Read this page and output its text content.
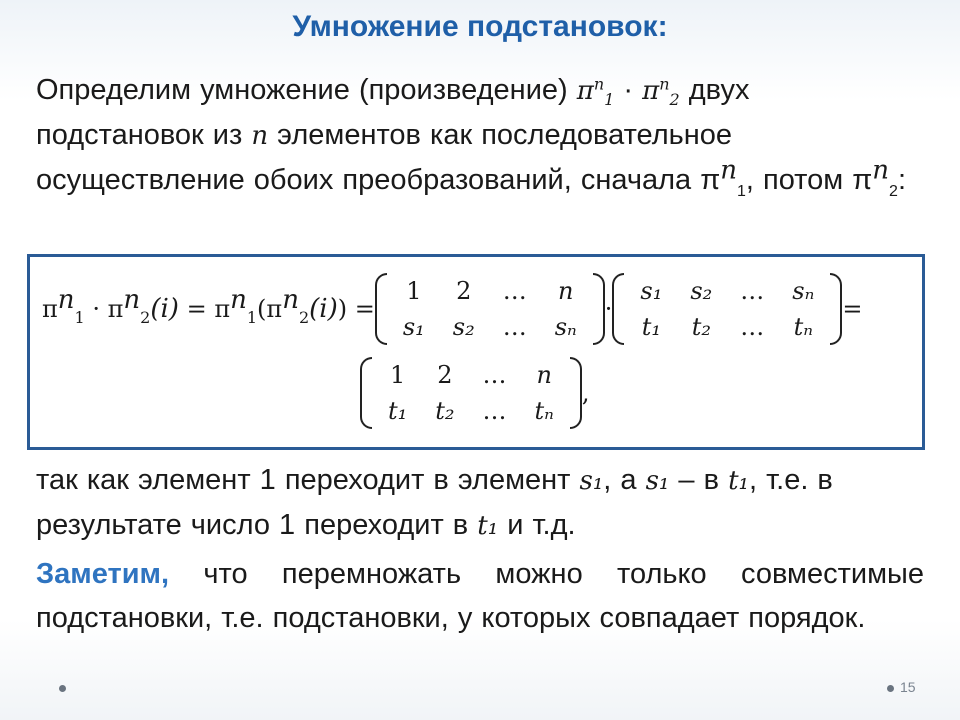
Умножение подстановок:
Определим умножение (произведение) $\pi^n_1 \cdot \pi^n_2$ двух подстановок из n элементов как последовательное осуществление обоих преобразований, сначала $\pi^n_1$, потом $\pi^n_2$:
$\pi^n_1 \cdot \pi^n_2(i) = \pi^n_1(\pi^n_2(i))$ =
1	2	…	n
s₁	s₂	…	sₙ
·
s₁	s₂	…	sₙ
t₁	t₂	…	tₙ
=
1	2	…	n
t₁	t₂	…	tₙ
,
так как элемент 1 переходит в элемент s₁, а s₁ – в t₁, т.е. в результате число 1 переходит в t₁ и т.д.
Заметим, что перемножать можно только совместимые подстановки, т.е. подстановки, у которых совпадает порядок.
15
